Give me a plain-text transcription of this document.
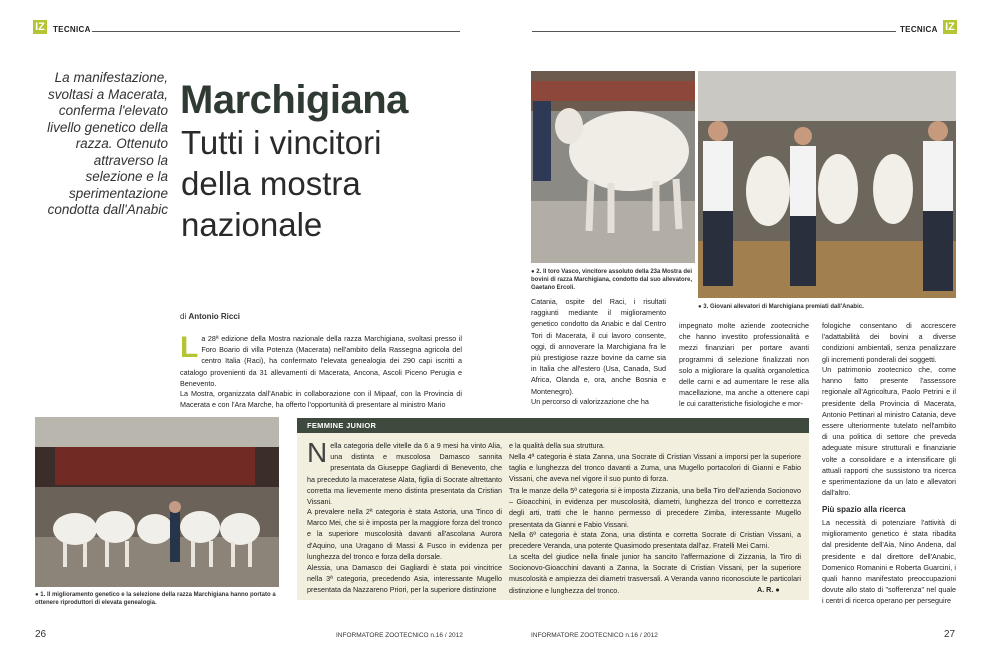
IZ TECNICA	TECNICA IZ
La manifestazione, svoltasi a Macerata, conferma l'elevato livello genetico della razza. Ottenuto attraverso la selezione e la sperimentazione condotta dall'Anabic
Marchigiana
Tutti i vincitori
della mostra
nazionale
di Antonio Ricci
L a 28ª edizione della Mostra nazionale della razza Marchigiana, svoltasi presso il Foro Boario di villa Potenza (Macerata) nell'ambito della Rassegna agricola del centro Italia (Raci), ha confermato l'elevata genealogia dei 290 capi iscritti a catalogo provenienti da 31 allevamenti di Macerata, Ancona, Ascoli Piceno Perugia e Benevento.
La Mostra, organizzata dall'Anabic in collaborazione con il Mipaaf, con la Provincia di Macerata e con l'Ara Marche, ha offerto l'opportunità di presentare al ministro Mario
● 1. Il miglioramento genetico e la selezione della razza Marchigiana hanno portato a ottenere riproduttori di elevata genealogia.
● 2. Il toro Vasco, vincitore assoluto della 23a Mostra dei bovini di razza Marchigiana, condotto dal suo allevatore, Gaetano Ercoli.
● 3. Giovani allevatori di Marchigiana premiati dall'Anabic.
Catania, ospite del Raci, i risultati raggiunti mediante il miglioramento genetico condotto da Anabic e dal Centro Tori di Macerata, il cui lavoro consente, oggi, di annoverare la Marchigiana fra le più prestigiose razze bovine da carne sia in Italia che all'estero (Usa, Canada, Sud Africa, Olanda e, ora, anche Bosnia e Montenegro).
Un percorso di valorizzazione che ha
impegnato molte aziende zootecniche che hanno investito professionalità e mezzi finanziari per portare avanti programmi di selezione finalizzati non solo a migliorare la qualità organolettica delle carni e ad aumentare le rese alla macellazione, ma anche a ottenere capi le cui caratteristiche fisiologiche e mor-
fologiche consentano di accrescere l'adattabilità dei bovini a diverse condizioni ambientali, senza penalizzare gli incrementi ponderali dei soggetti.
Un patrimonio zootecnico che, come hanno fatto presente l'assessore regionale all'Agricoltura, Paolo Petrini e il presidente della Provincia di Macerata, Antonio Pettinari al ministro Catania, deve essere ulteriormente tutelato nell'ambito di una politica di settore che preveda adeguate misure strutturali e finanziarie volte a consolidare e a intensificare gli attuali rapporti che sussistono tra ricerca e sperimentazione da un lato e allevatori dall'altro.
Più spazio alla ricerca
La necessità di potenziare l'attività di miglioramento genetico è stata ribadita dal presidente dell'Aia, Nino Andena, dal presidente e dal direttore dell'Anabic, Domenico Romanini e Roberta Guarcini, i quali hanno manifestato preoccupazioni dovute allo stato di "sofferenza" nel quale i centri di ricerca operano per perseguire
FEMMINE JUNIOR
N ella categoria delle vitelle da 6 a 9 mesi ha vinto Alia, una distinta e muscolosa Damasco sannita presentata da Giuseppe Gagliardi di Benevento, che ha preceduto la maceratese Alata, figlia di Socrate altrettanto corretta ma lievemente meno distinta presentata da Cristian Vissani.
A prevalere nella 2ª categoria è stata Astoria, una Tinco di Marco Mei, che si è imposta per la maggiore forza del tronco e la superiore muscolosità davanti all'ascolana Aurora d'Aquino, una Uragano di Massi & Fusco in evidenza per lunghezza del tronco e forza della dorsale.
Alessia, una Damasco dei Gagliardi è stata poi vincitrice nella 3ª categoria, precedendo Asia, interessante Mugello presentata da Nazzareno Priori, per la superiore distinzione
e la qualità della sua struttura.
Nella 4ª categoria è stata Zanna, una Socrate di Cristian Vissani a imporsi per la superiore taglia e lunghezza del tronco davanti a Zuma, una Mugello portacolori di Gianni e Fabio Vissani, che aveva nel vigore il suo punto di forza.
Tra le manze della 5ª categoria si è imposta Zizzania, una bella Tiro dell'azienda Socionovo – Gioacchini, in evidenza per muscolosità, diametri, lunghezza del tronco e correttezza degli arti, tratti che le hanno permesso di precedere Zimba, interessante Mugello presentata da Gianni e Fabio Vissani.
Nella 6ª categoria è stata Zona, una distinta e corretta Socrate di Cristian Vissani, a precedere Veranda, una potente Quasimodo presentata dall'az. Fratelli Mei Carni.
La scelta del giudice nella finale junior ha sancito l'affermazione di Zizzania, la Tiro di Socionovo-Gioacchini davanti a Zanna, la Socrate di Cristian Vissani, per la superiore muscolosità e ampiezza dei diametri trasversali. A Veranda vanno riconosciute le particolari distinzione e lunghezza del tronco.	A. R. ●
26	INFORMATORE ZOOTECNICO n.16 / 2012	INFORMATORE ZOOTECNICO n.16 / 2012	27
